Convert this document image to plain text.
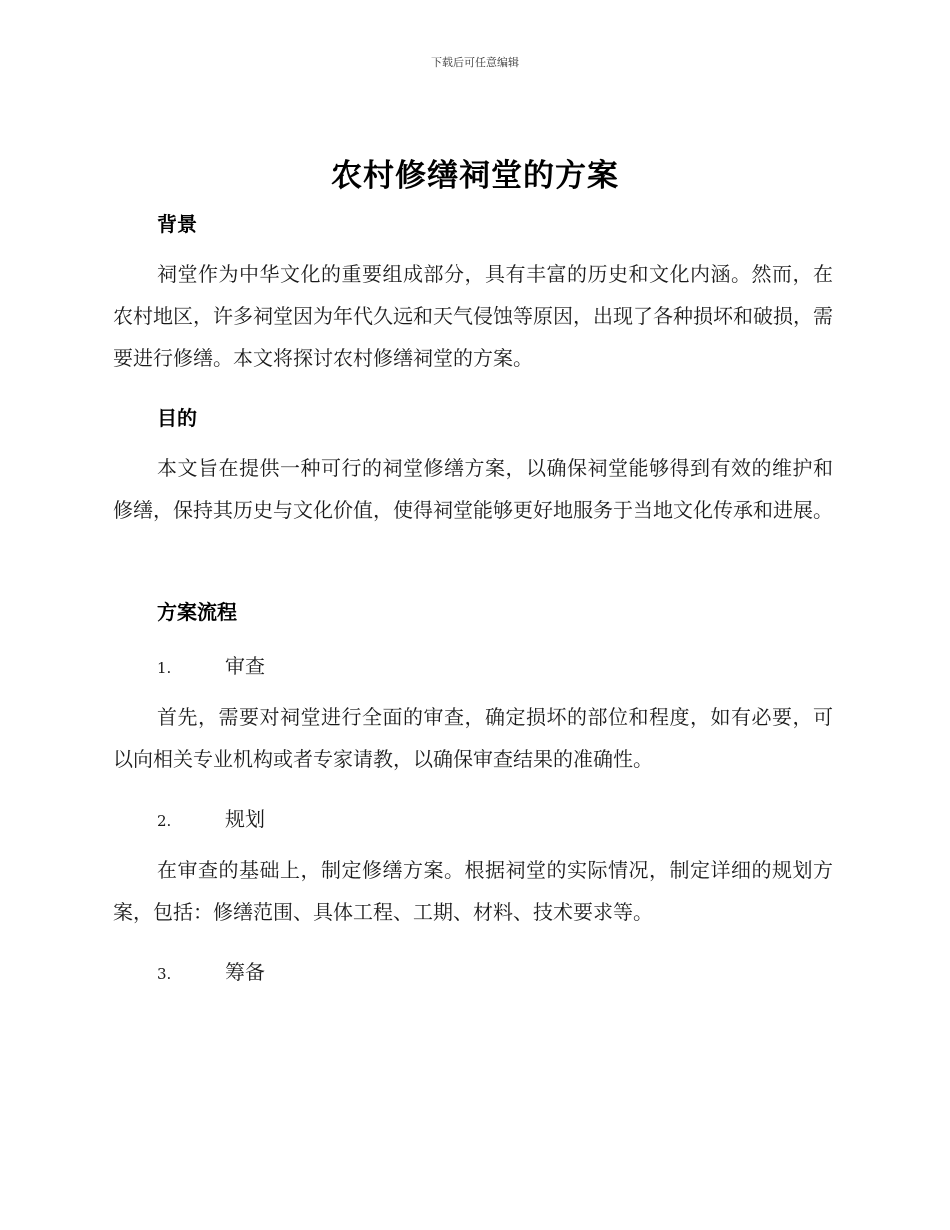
下载后可任意编辑
农村修缮祠堂的方案
背景
祠堂作为中华文化的重要组成部分，具有丰富的历史和文化内涵。然而，在农村地区，许多祠堂因为年代久远和天气侵蚀等原因，出现了各种损坏和破损，需要进行修缮。本文将探讨农村修缮祠堂的方案。
目的
本文旨在提供一种可行的祠堂修缮方案，以确保祠堂能够得到有效的维护和修缮，保持其历史与文化价值，使得祠堂能够更好地服务于当地文化传承和进展。
方案流程
1.	审查
首先，需要对祠堂进行全面的审查，确定损坏的部位和程度，如有必要，可以向相关专业机构或者专家请教，以确保审查结果的准确性。
2.	规划
在审查的基础上，制定修缮方案。根据祠堂的实际情况，制定详细的规划方案，包括：修缮范围、具体工程、工期、材料、技术要求等。
3.	筹备
